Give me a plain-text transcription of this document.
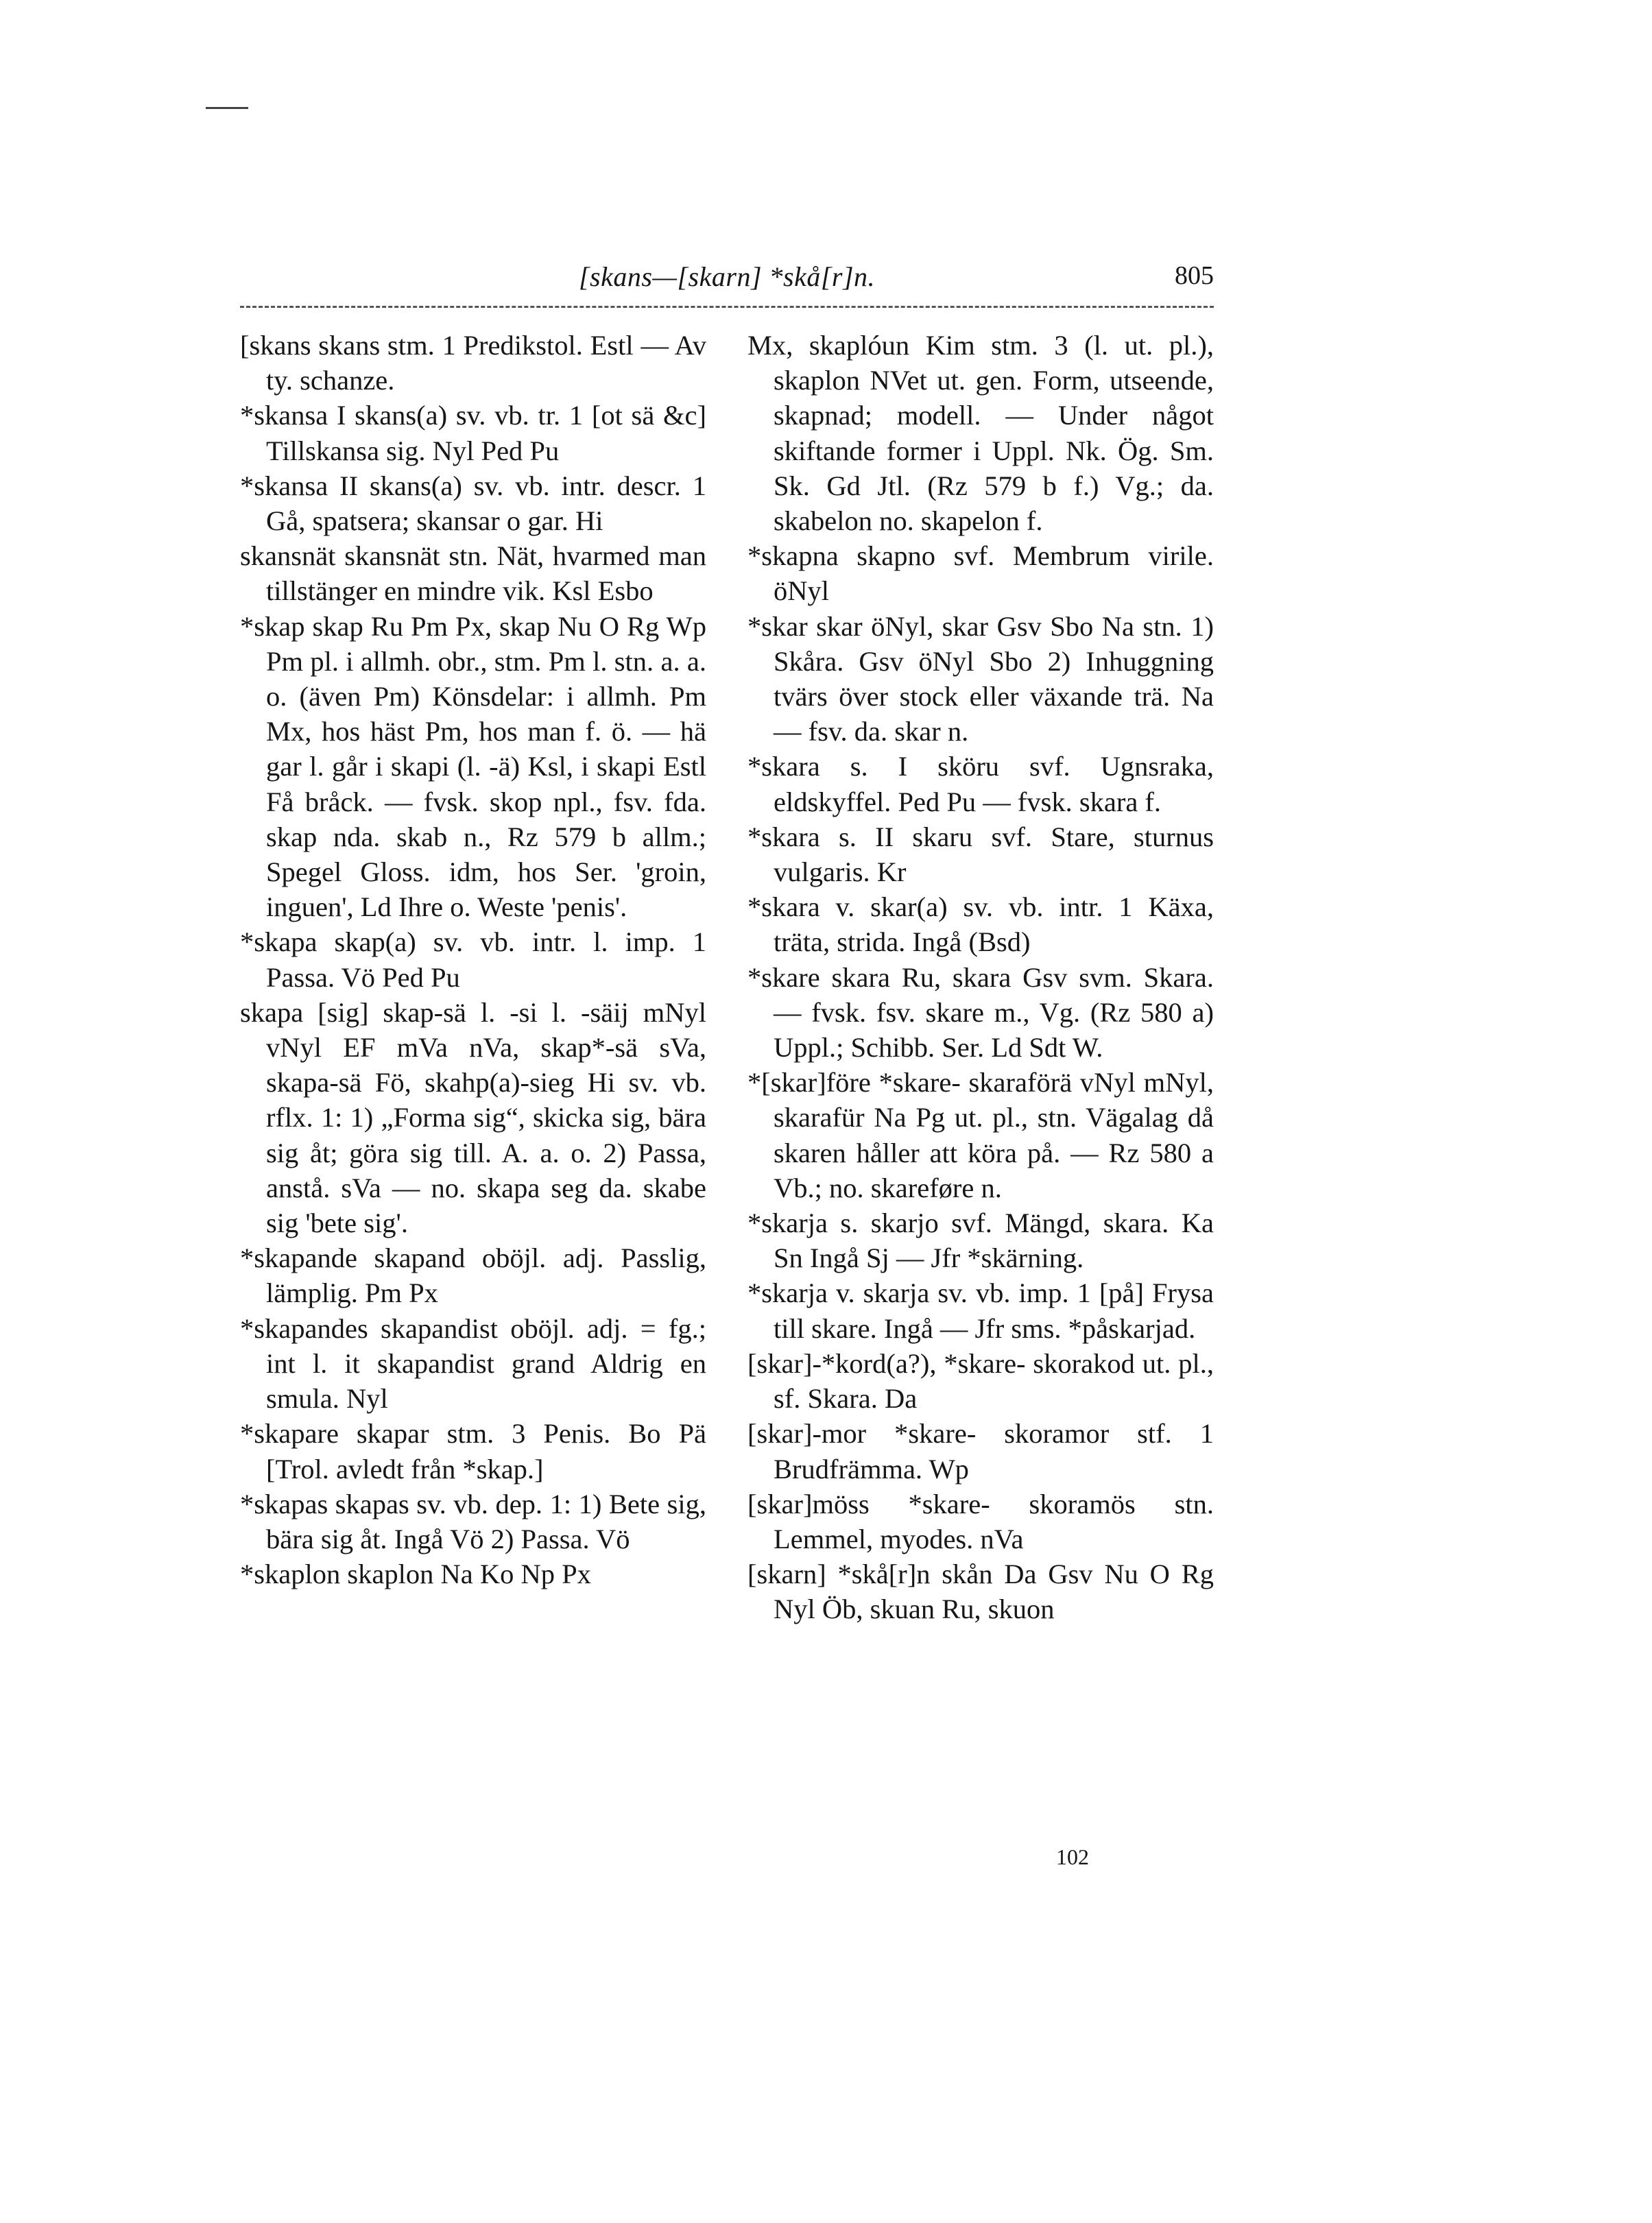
[skans—[skarn] *skå[r]n.	805

[skans skans stm. 1 Predikstol. Estl — Av ty. schanze.

*skansa I skans(a) sv. vb. tr. 1 [ot sä &c] Tillskansa sig. Nyl Ped Pu

*skansa II skans(a) sv. vb. intr. descr. 1 Gå, spatsera; skansar o gar. Hi

skansnät skansnät stn. Nät, hvarmed man tillstänger en mindre vik. Ksl Esbo

*skap skap Ru Pm Px, skap Nu O Rg Wp Pm pl. i allmh. obr., stm. Pm l. stn. a. a. o. (även Pm) Könsdelar: i allmh. Pm Mx, hos häst Pm, hos man f. ö. — hä gar l. går i skapi (l. -ä) Ksl, i skapi Estl Få bråck. — fvsk. skop npl., fsv. fda. skap nda. skab n., Rz 579 b allm.; Spegel Gloss. idm, hos Ser. 'groin, inguen', Ld Ihre o. Weste 'penis'.

*skapa skap(a) sv. vb. intr. l. imp. 1 Passa. Vö Ped Pu

skapa [sig] skap-sä l. -si l. -säij mNyl vNyl EF mVa nVa, skap*-sä sVa, skapa-sä Fö, skahp(a)-sieg Hi sv. vb. rflx. 1: 1) „Forma sig“, skicka sig, bära sig åt; göra sig till. A. a. o. 2) Passa, anstå. sVa — no. skapa seg da. skabe sig 'bete sig'.

*skapande skapand oböjl. adj. Passlig, lämplig. Pm Px

*skapandes skapandist oböjl. adj. = fg.; int l. it skapandist grand Aldrig en smula. Nyl

*skapare skapar stm. 3 Penis. Bo Pä [Trol. avledt från *skap.]

*skapas skapas sv. vb. dep. 1: 1) Bete sig, bära sig åt. Ingå Vö 2) Passa. Vö

*skaplon skaplon Na Ko Np Px

Mx, skaplóun Kim stm. 3 (l. ut. pl.), skaplon NVet ut. gen. Form, utseende, skapnad; modell. — Under något skiftande former i Uppl. Nk. Ög. Sm. Sk. Gd Jtl. (Rz 579 b f.) Vg.; da. skabelon no. skapelon f.

*skapna skapno svf. Membrum virile. öNyl

*skar skar öNyl, skar Gsv Sbo Na stn. 1) Skåra. Gsv öNyl Sbo 2) Inhuggning tvärs över stock eller växande trä. Na — fsv. da. skar n.

*skara s. I sköru svf. Ugnsraka, eldskyffel. Ped Pu — fvsk. skara f.

*skara s. II skaru svf. Stare, sturnus vulgaris. Kr

*skara v. skar(a) sv. vb. intr. 1 Käxa, träta, strida. Ingå (Bsd)

*skare skara Ru, skara Gsv svm. Skara. — fvsk. fsv. skare m., Vg. (Rz 580 a) Uppl.; Schibb. Ser. Ld Sdt W.

*[skar]före *skare- skaraförä vNyl mNyl, skarafür Na Pg ut. pl., stn. Vägalag då skaren håller att köra på. — Rz 580 a Vb.; no. skareføre n.

*skarja s. skarjo svf. Mängd, skara. Ka Sn Ingå Sj — Jfr *skärning.

*skarja v. skarja sv. vb. imp. 1 [på] Frysa till skare. Ingå — Jfr sms. *påskarjad.

[skar]-*kord(a?), *skare- skorakod ut. pl., sf. Skara. Da

[skar]-mor *skare- skoramor stf. 1 Brudfrämma. Wp

[skar]möss *skare- skoramös stn. Lemmel, myodes. nVa

[skarn] *skå[r]n skån Da Gsv Nu O Rg Nyl Öb, skuan Ru, skuon

102
